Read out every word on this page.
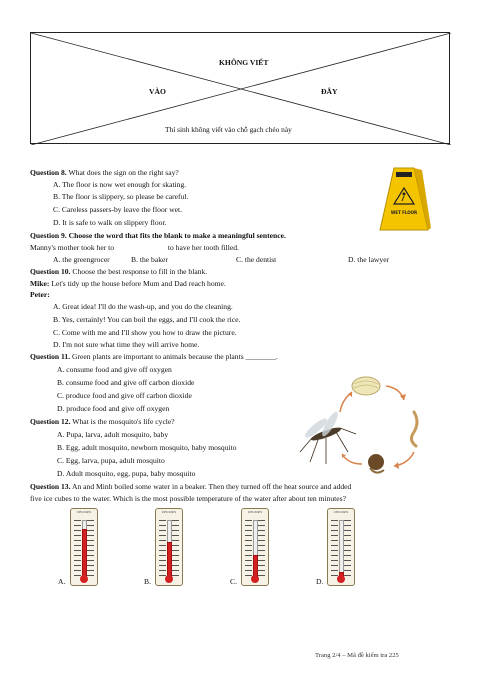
KHÔNG VIẾT
VÀO	ĐÂY
Thí sinh không viết vào chỗ gạch chéo này
Question 8. What does the sign on the right say?
A. The floor is now wet enough for skating.
B. The floor is slippery, so please be careful.
C. Careless passers-by leave the floor wet.
D. It is safe to walk on slippery floor.
WET FLOOR
Question 9. Choose the word that fits the blank to make a meaningful sentence.
Manny's mother took her to	to have her tooth filled.
A. the greengrocer	B. the baker	C. the dentist	D. the lawyer
Question 10. Choose the best response to fill in the blank.
Mike: Let's tidy up the house before Mum and Dad reach home.
Peter:
A. Great idea! I'll do the wash-up, and you do the cleaning.
B. Yes, certainly! You can boil the eggs, and I'll cook the rice.
C. Come with me and I'll show you how to draw the picture.
D. I'm not sure what time they will arrive home.
Question 11. Green plants are important to animals because the plants ________.
A. consume food and give off oxygen
B. consume food and give off carbon dioxide
C. produce food and give off carbon dioxide
D. produce food and give off oxygen
Question 12. What is the mosquito's life cycle?
A. Pupa, larva, adult mosquito, baby
B. Egg, adult mosquito, newborn mosquito, baby mosquito
C. Egg, larva, pupa, adult mosquito
D. Adult mosquito, egg, pupa, baby mosquito
Question 13. An and Minh boiled some water in a beaker. Then they turned off the heat source and added
five ice cubes to the water. Which is the most possible temperature of the water after about ten minutes?
CELSIUS	CELSIUS	CELSIUS	CELSIUS
A.	B.	C.	D.
Trang 2/4 – Mã đề kiểm tra 225
